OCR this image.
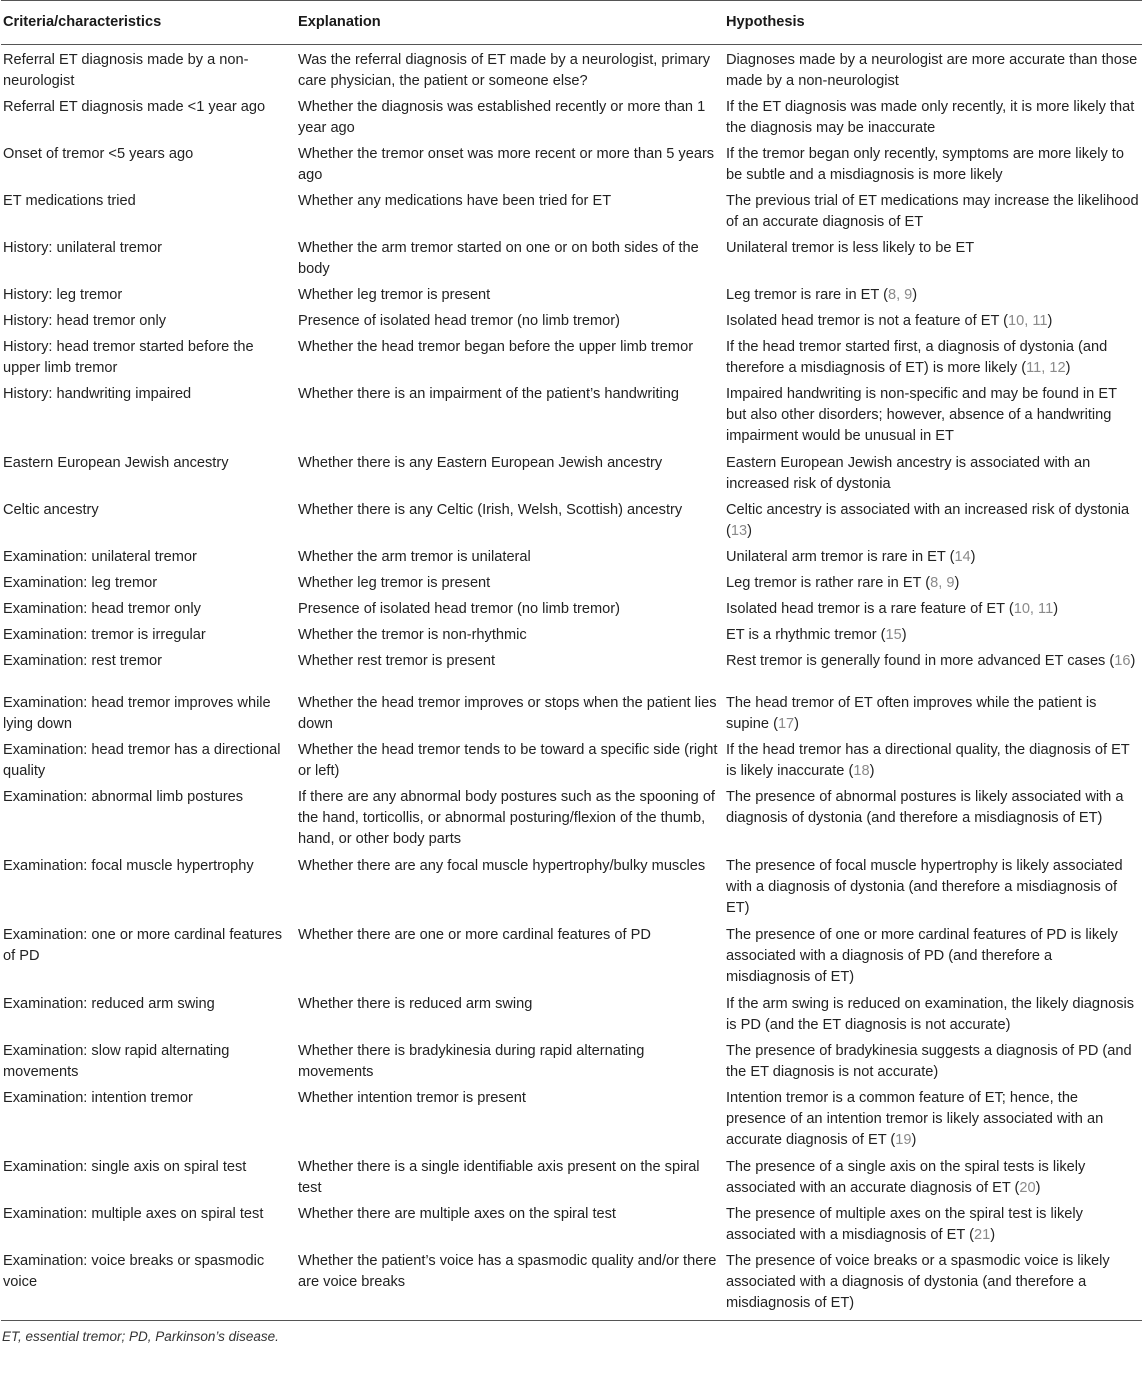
Criteria/characteristics	Explanation	Hypothesis
Referral ET diagnosis made by a non-neurologist	Was the referral diagnosis of ET made by a neurologist, primary care physician, the patient or someone else?	Diagnoses made by a neurologist are more accurate than those made by a non-neurologist
Referral ET diagnosis made <1 year ago	Whether the diagnosis was established recently or more than 1 year ago	If the ET diagnosis was made only recently, it is more likely that the diagnosis may be inaccurate
Onset of tremor <5 years ago	Whether the tremor onset was more recent or more than 5 years ago	If the tremor began only recently, symptoms are more likely to be subtle and a misdiagnosis is more likely
ET medications tried	Whether any medications have been tried for ET	The previous trial of ET medications may increase the likelihood of an accurate diagnosis of ET
History: unilateral tremor	Whether the arm tremor started on one or on both sides of the body	Unilateral tremor is less likely to be ET
History: leg tremor	Whether leg tremor is present	Leg tremor is rare in ET (8, 9)
History: head tremor only	Presence of isolated head tremor (no limb tremor)	Isolated head tremor is not a feature of ET (10, 11)
History: head tremor started before the upper limb tremor	Whether the head tremor began before the upper limb tremor	If the head tremor started first, a diagnosis of dystonia (and therefore a misdiagnosis of ET) is more likely (11, 12)
History: handwriting impaired	Whether there is an impairment of the patient’s handwriting	Impaired handwriting is non-specific and may be found in ET but also other disorders; however, absence of a handwriting impairment would be unusual in ET
Eastern European Jewish ancestry	Whether there is any Eastern European Jewish ancestry	Eastern European Jewish ancestry is associated with an increased risk of dystonia
Celtic ancestry	Whether there is any Celtic (Irish, Welsh, Scottish) ancestry	Celtic ancestry is associated with an increased risk of dystonia (13)
Examination: unilateral tremor	Whether the arm tremor is unilateral	Unilateral arm tremor is rare in ET (14)
Examination: leg tremor	Whether leg tremor is present	Leg tremor is rather rare in ET (8, 9)
Examination: head tremor only	Presence of isolated head tremor (no limb tremor)	Isolated head tremor is a rare feature of ET (10, 11)
Examination: tremor is irregular	Whether the tremor is non-rhythmic	ET is a rhythmic tremor (15)
Examination: rest tremor	Whether rest tremor is present	Rest tremor is generally found in more advanced ET cases (16)
Examination: head tremor improves while lying down	Whether the head tremor improves or stops when the patient lies down	The head tremor of ET often improves while the patient is supine (17)
Examination: head tremor has a directional quality	Whether the head tremor tends to be toward a specific side (right or left)	If the head tremor has a directional quality, the diagnosis of ET is likely inaccurate (18)
Examination: abnormal limb postures	If there are any abnormal body postures such as the spooning of the hand, torticollis, or abnormal posturing/flexion of the thumb, hand, or other body parts	The presence of abnormal postures is likely associated with a diagnosis of dystonia (and therefore a misdiagnosis of ET)
Examination: focal muscle hypertrophy	Whether there are any focal muscle hypertrophy/bulky muscles	The presence of focal muscle hypertrophy is likely associated with a diagnosis of dystonia (and therefore a misdiagnosis of ET)
Examination: one or more cardinal features of PD	Whether there are one or more cardinal features of PD	The presence of one or more cardinal features of PD is likely associated with a diagnosis of PD (and therefore a misdiagnosis of ET)
Examination: reduced arm swing	Whether there is reduced arm swing	If the arm swing is reduced on examination, the likely diagnosis is PD (and the ET diagnosis is not accurate)
Examination: slow rapid alternating movements	Whether there is bradykinesia during rapid alternating movements	The presence of bradykinesia suggests a diagnosis of PD (and the ET diagnosis is not accurate)
Examination: intention tremor	Whether intention tremor is present	Intention tremor is a common feature of ET; hence, the presence of an intention tremor is likely associated with an accurate diagnosis of ET (19)
Examination: single axis on spiral test	Whether there is a single identifiable axis present on the spiral test	The presence of a single axis on the spiral tests is likely associated with an accurate diagnosis of ET (20)
Examination: multiple axes on spiral test	Whether there are multiple axes on the spiral test	The presence of multiple axes on the spiral test is likely associated with a misdiagnosis of ET (21)
Examination: voice breaks or spasmodic voice	Whether the patient’s voice has a spasmodic quality and/or there are voice breaks	The presence of voice breaks or a spasmodic voice is likely associated with a diagnosis of dystonia (and therefore a misdiagnosis of ET)
ET, essential tremor; PD, Parkinson’s disease.
